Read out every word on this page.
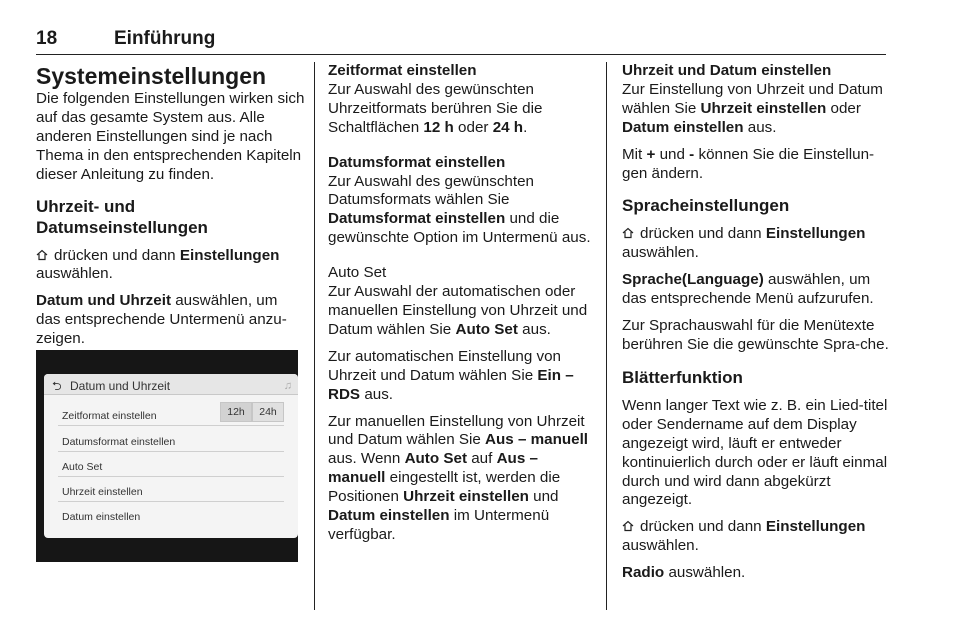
18	Einführung
Systemeinstellungen

Die folgenden Einstellungen wirken sich auf das gesamte System aus. Alle anderen Einstellungen sind je nach Thema in den entsprechenden Kapiteln dieser Anleitung zu finden.

Uhrzeit- und Datumseinstellungen

drücken und dann Einstellungen auswählen.

Datum und Uhrzeit auswählen, um das entsprechende Untermenü anzu-zeigen.

⮌ Datum und Uhrzeit	♫
Zeitformat einstellen	12h	24h
Datumsformat einstellen
Auto Set
Uhrzeit einstellen
Datum einstellen

Zeitformat einstellen

Zur Auswahl des gewünschten Uhrzeitformats berühren Sie die Schaltflächen 12 h oder 24 h.

Datumsformat einstellen

Zur Auswahl des gewünschten Datumsformats wählen Sie Datumsformat einstellen und die gewünschte Option im Untermenü aus.

Auto Set

Zur Auswahl der automatischen oder manuellen Einstellung von Uhrzeit und Datum wählen Sie Auto Set aus.

Zur automatischen Einstellung von Uhrzeit und Datum wählen Sie Ein – RDS aus.

Zur manuellen Einstellung von Uhrzeit und Datum wählen Sie Aus – manuell aus. Wenn Auto Set auf Aus – manuell eingestellt ist, werden die Positionen Uhrzeit einstellen und Datum einstellen im Untermenü verfügbar.

Uhrzeit und Datum einstellen

Zur Einstellung von Uhrzeit und Datum wählen Sie Uhrzeit einstellen oder Datum einstellen aus.

Mit + und - können Sie die Einstellun-gen ändern.

Spracheinstellungen

drücken und dann Einstellungen auswählen.

Sprache(Language) auswählen, um das entsprechende Menü aufzurufen.

Zur Sprachauswahl für die Menütexte berühren Sie die gewünschte Spra-che.

Blätterfunktion

Wenn langer Text wie z. B. ein Lied-titel oder Sendername auf dem Display angezeigt wird, läuft er entweder kontinuierlich durch oder er läuft einmal durch und wird dann abgekürzt angezeigt.

drücken und dann Einstellungen auswählen.

Radio auswählen.
